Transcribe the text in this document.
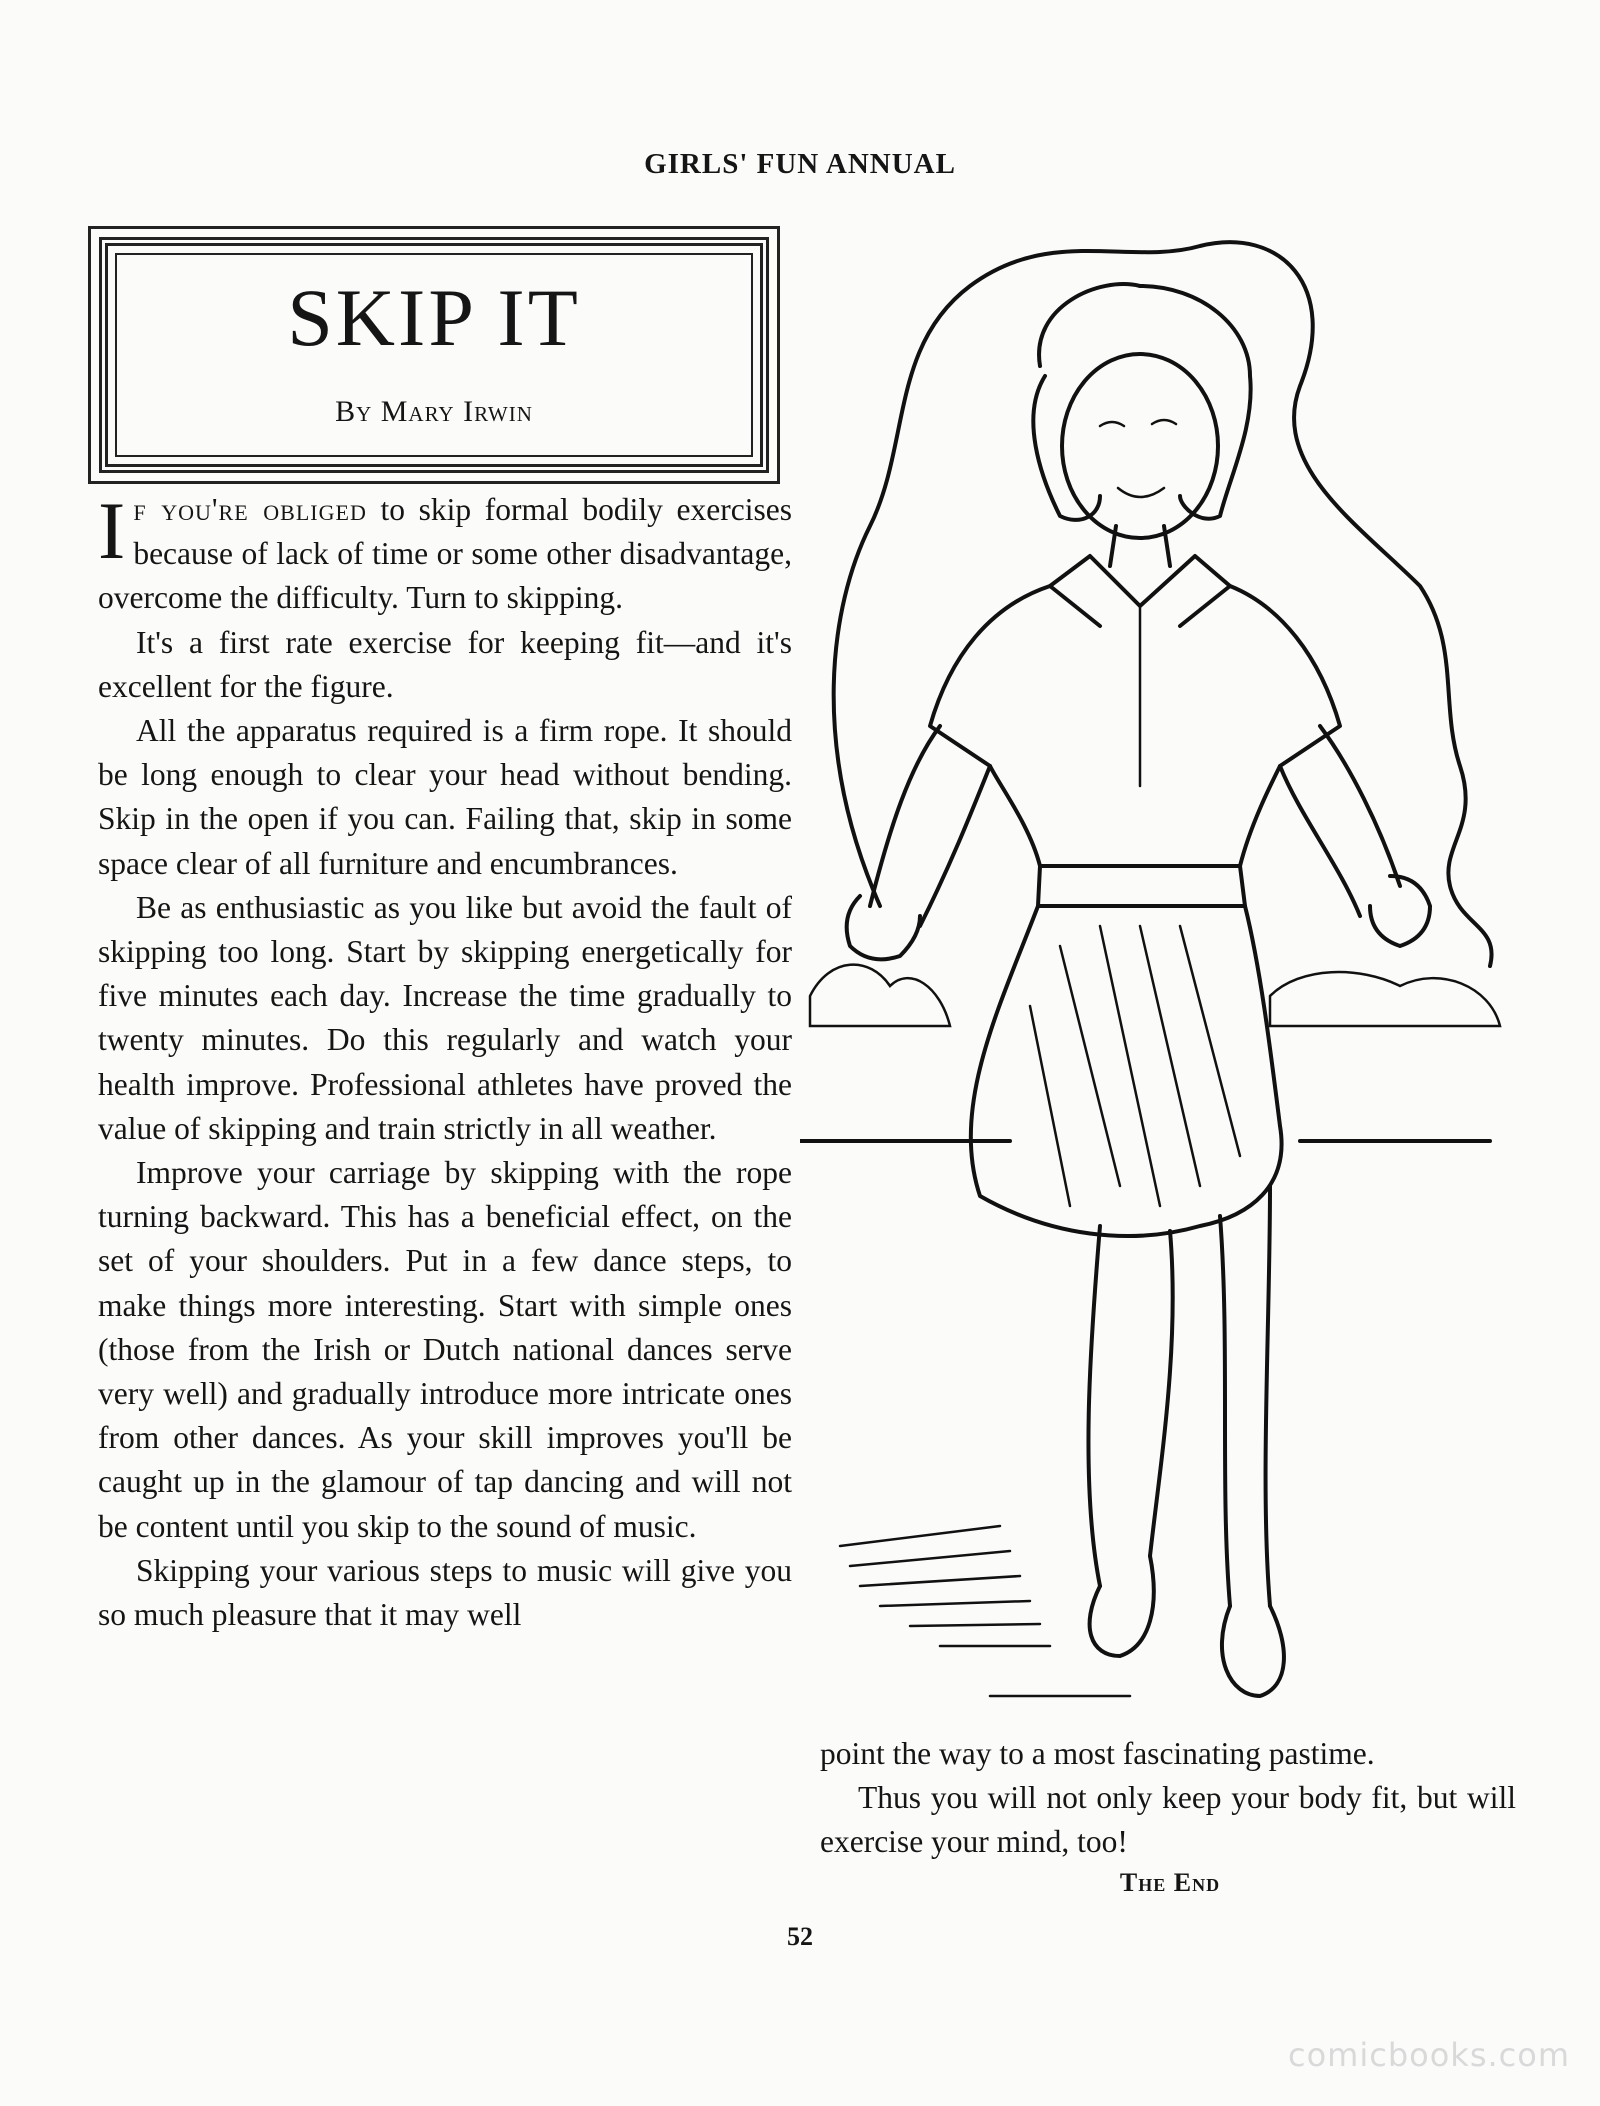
GIRLS' FUN ANNUAL
SKIP IT
By Mary Irwin

If you're obliged to skip formal bodily exercises because of lack of time or some other disadvantage, overcome the difficulty. Turn to skipping.

It's a first rate exercise for keeping fit—and it's excellent for the figure.

All the apparatus required is a firm rope. It should be long enough to clear your head without bending. Skip in the open if you can. Failing that, skip in some space clear of all furniture and encumbrances.

Be as enthusiastic as you like but avoid the fault of skipping too long. Start by skipping energetically for five minutes each day. Increase the time gradually to twenty minutes. Do this regularly and watch your health improve. Professional athletes have proved the value of skipping and train strictly in all weather.

Improve your carriage by skipping with the rope turning backward. This has a beneficial effect, on the set of your shoulders. Put in a few dance steps, to make things more interesting. Start with simple ones (those from the Irish or Dutch national dances serve very well) and gradually introduce more intricate ones from other dances. As your skill improves you'll be caught up in the glamour of tap dancing and will not be content until you skip to the sound of music.

Skipping your various steps to music will give you so much pleasure that it may well

point the way to a most fascinating pastime.

Thus you will not only keep your body fit, but will exercise your mind, too!

The End
52
comicbooks.com
